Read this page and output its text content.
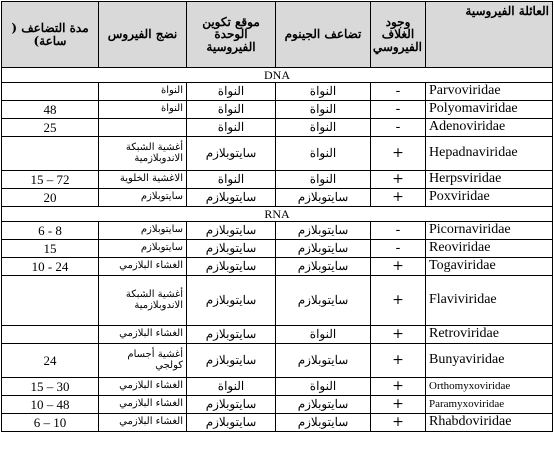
العائلة الفيروسية	وجود الغلاف الفيروسي	تضاعف الجينوم	موقع تكوين الوحدة الفيروسية	نضج الفيروس	مدة التضاعف ( ساعة)
DNA					
Parvoviridae	-	النواة	النواة	النواة	
Polyomaviridae	-	النواة	النواة	النواة	48
Adenoviridae	-	النواة	النواة		25
Hepadnaviridae	+	النواة	سايتوبلازم	أغشية الشبكة الاندوبلازمية	
Herpsviridae	+	النواة	النواة	الاغشية الخلوية	15 – 72
Poxviridae	+	سايتوبلازم	سايتوبلازم	سايتوبلازم	20
RNA					
Picornaviridae	-	سايتوبلازم	سايتوبلازم	سايتوبلازم	6 - 8
Reoviridae	-	سايتوبلازم	سايتوبلازم	سايتوبلازم	15
Togaviridae	+	سايتوبلازم	سايتوبلازم	الغشاء البلازمي	10 - 24
Flaviviridae	+	سايتوبلازم	سايتوبلازم	أغشية الشبكة الاندوبلازمية	
Retroviridae	+	النواة	سايتوبلازم	الغشاء البلازمي	
Bunyaviridae	+	سايتوبلازم	سايتوبلازم	أغشية أجسام كولجي	24
Orthomyxoviridae	+	النواة	النواة	الغشاء البلازمي	15 – 30
Paramyxoviridae	+	سايتوبلازم	سايتوبلازم	الغشاء البلازمي	10 – 48
Rhabdoviridae	+	سايتوبلازم	سايتوبلازم	الغشاء البلازمي	6 – 10
